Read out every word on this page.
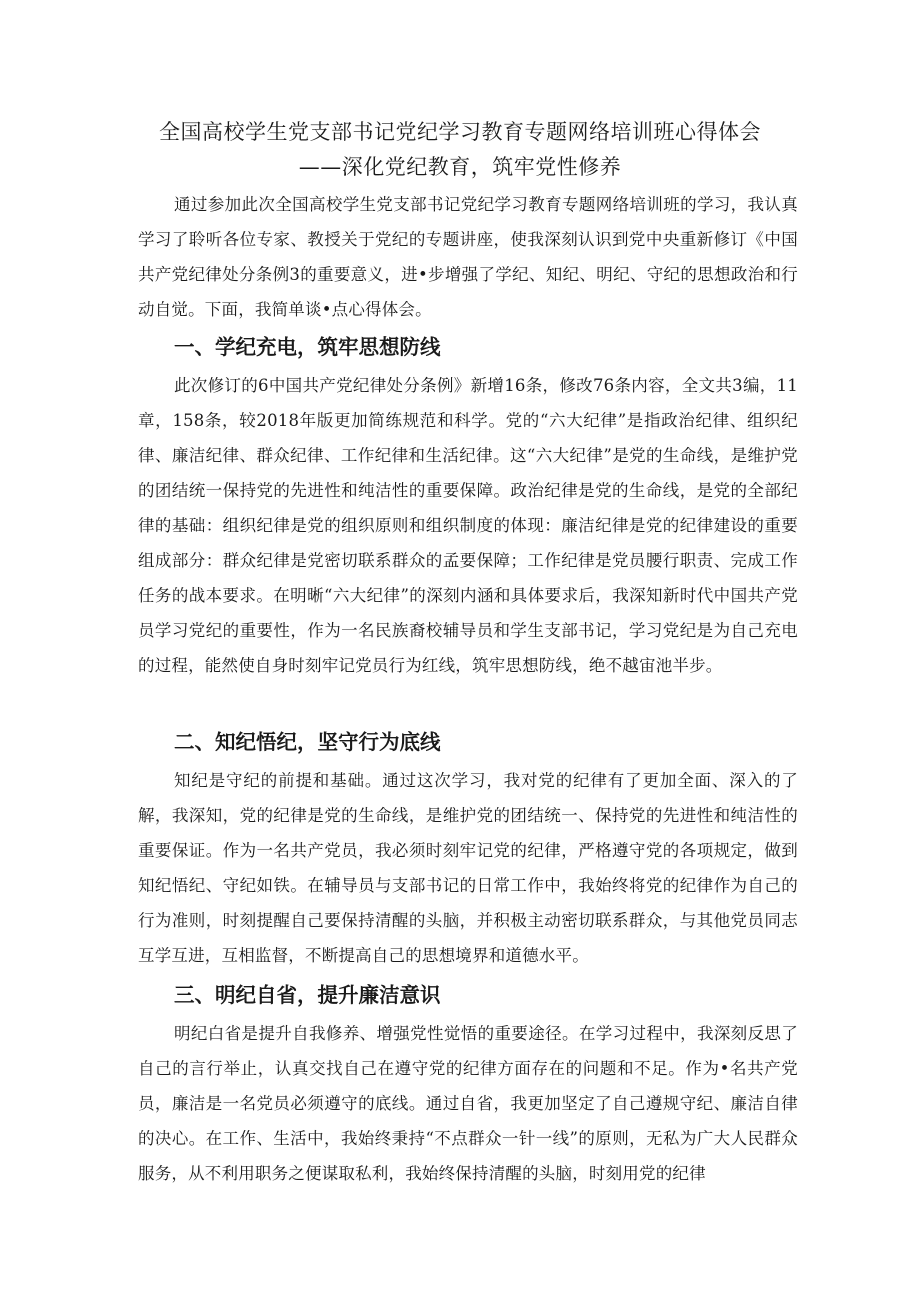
全国高校学生党支部书记党纪学习教育专题网络培训班心得体会
——深化党纪教育，筑牢党性修养

通过参加此次全国高校学生党支部书记党纪学习教育专题网络培训班的学习，我认真学习了聆听各位专家、教授关于党纪的专题讲座，使我深刻认识到党中央重新修订《中国共产党纪律处分条例3的重要意义，进•步增强了学纪、知纪、明纪、守纪的思想政治和行动自觉。下面，我简单谈•点心得体会。

一、学纪充电，筑牢思想防线

此次修订的6中国共产党纪律处分条例》新增16条，修改76条内容，全文共3编，11章，158条，较2018年版更加简练规范和科学。党的“六大纪律”是指政治纪律、组织纪律、廉洁纪律、群众纪律、工作纪律和生活纪律。这“六大纪律”是党的生命线，是维护党的团结统一保持党的先进性和纯洁性的重要保障。政治纪律是党的生命线，是党的全部纪律的基础：组织纪律是党的组织原则和组织制度的体现：廉洁纪律是党的纪律建设的重要组成部分：群众纪律是党密切联系群众的孟要保障；工作纪律是党员腰行职责、完成工作任务的战本要求。在明晰“六大纪律”的深刻内涵和具体要求后，我深知新时代中国共产党员学习党纪的重要性，作为一名民族裔校辅导员和学生支部书记，学习党纪是为自己充电的过程，能然使自身时刻牢记党员行为红线，筑牢思想防线，绝不越宙池半步。

二、知纪悟纪，坚守行为底线

知纪是守纪的前提和基础。通过这次学习，我对党的纪律有了更加全面、深入的了解，我深知，党的纪律是党的生命线，是维护党的团结统一、保持党的先进性和纯洁性的重要保证。作为一名共产党员，我必须时刻牢记党的纪律，严格遵守党的各项规定，做到知纪悟纪、守纪如铁。在辅导员与支部书记的日常工作中，我始终将党的纪律作为自己的行为准则，时刻提醒自己要保持清醒的头脑，并积极主动密切联系群众，与其他党员同志互学互进，互相监督，不断提高自己的思想境界和道德水平。

三、明纪自省，提升廉洁意识

明纪白省是提升自我修养、增强党性觉悟的重要途径。在学习过程中，我深刻反思了自己的言行举止，认真交找自己在遵守党的纪律方面存在的问题和不足。作为•名共产党员，廉洁是一名党员必须遵守的底线。通过自省，我更加坚定了自己遵规守纪、廉洁自律的决心。在工作、生活中，我始终秉持“不点群众一针一线”的原则，无私为广大人民群众服务，从不利用职务之便谋取私利，我始终保持清醒的头脑，时刻用党的纪律
